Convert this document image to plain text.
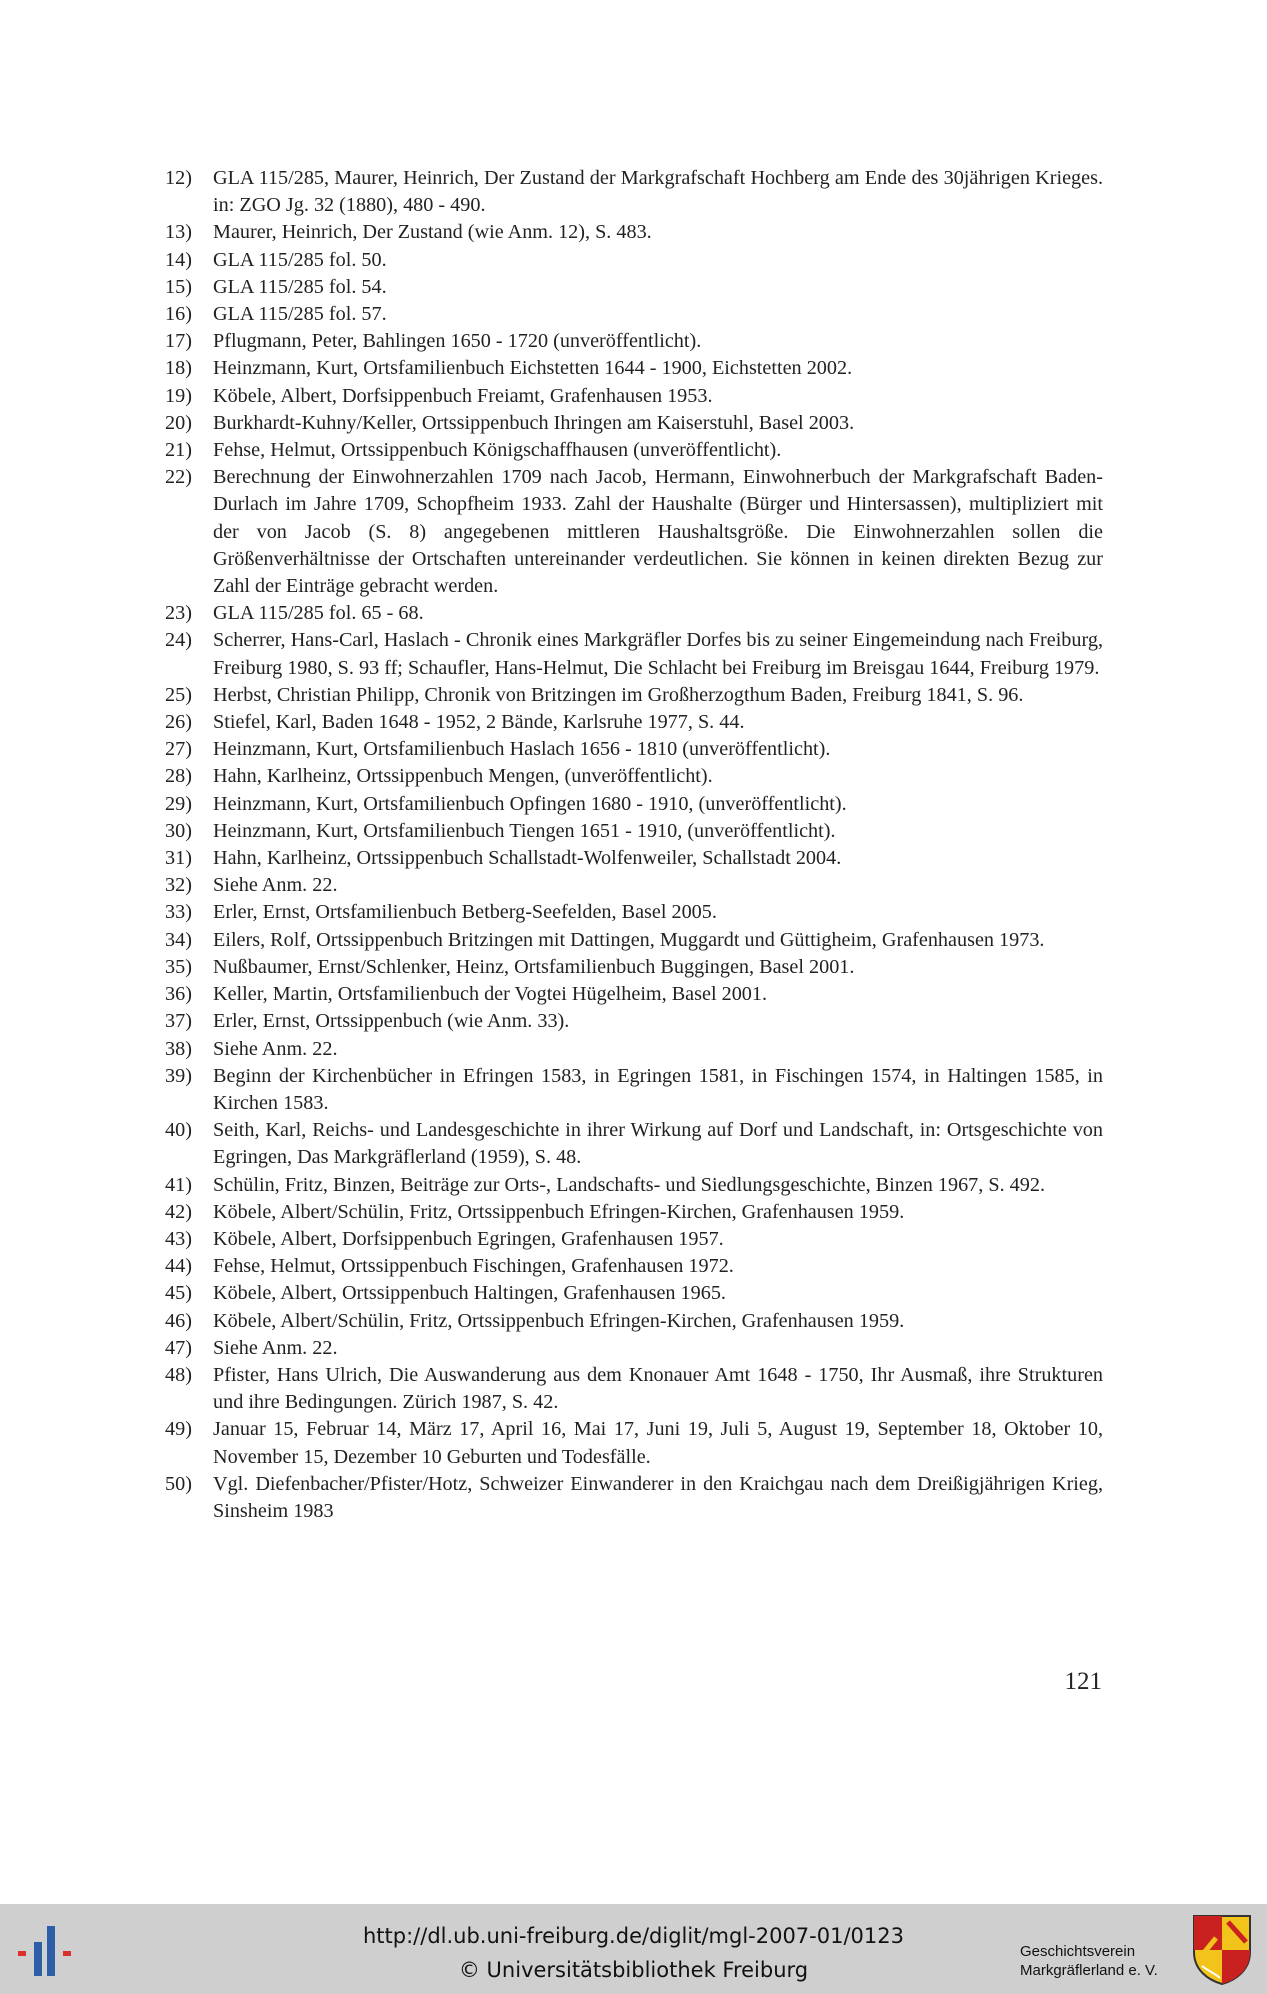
12)	GLA 115/285, Maurer, Heinrich, Der Zustand der Markgrafschaft Hochberg am Ende des 30jährigen Krieges. in: ZGO Jg. 32 (1880), 480 - 490.
13)	Maurer, Heinrich, Der Zustand (wie Anm. 12), S. 483.
14)	GLA 115/285 fol. 50.
15)	GLA 115/285 fol. 54.
16)	GLA 115/285 fol. 57.
17)	Pflugmann, Peter, Bahlingen 1650 - 1720 (unveröffentlicht).
18)	Heinzmann, Kurt, Ortsfamilienbuch Eichstetten 1644 - 1900, Eichstetten 2002.
19)	Köbele, Albert, Dorfsippenbuch Freiamt, Grafenhausen 1953.
20)	Burkhardt-Kuhny/Keller, Ortssippenbuch Ihringen am Kaiserstuhl, Basel 2003.
21)	Fehse, Helmut, Ortssippenbuch Königschaffhausen (unveröffentlicht).
22)	Berechnung der Einwohnerzahlen 1709 nach Jacob, Hermann, Einwohnerbuch der Markgrafschaft Baden-Durlach im Jahre 1709, Schopfheim 1933. Zahl der Haushalte (Bürger und Hintersassen), multipliziert mit der von Jacob (S. 8) angegebenen mittleren Haushaltsgröße. Die Einwohnerzahlen sollen die Größenverhältnisse der Ortschaften untereinander verdeutlichen. Sie können in keinen direkten Bezug zur Zahl der Einträge gebracht werden.
23)	GLA 115/285 fol. 65 - 68.
24)	Scherrer, Hans-Carl, Haslach - Chronik eines Markgräfler Dorfes bis zu seiner Eingemeindung nach Freiburg, Freiburg 1980, S. 93 ff; Schaufler, Hans-Helmut, Die Schlacht bei Freiburg im Breisgau 1644, Freiburg 1979.
25)	Herbst, Christian Philipp, Chronik von Britzingen im Großherzogthum Baden, Freiburg 1841, S. 96.
26)	Stiefel, Karl, Baden 1648 - 1952, 2 Bände, Karlsruhe 1977, S. 44.
27)	Heinzmann, Kurt, Ortsfamilienbuch Haslach 1656 - 1810 (unveröffentlicht).
28)	Hahn, Karlheinz, Ortssippenbuch Mengen, (unveröffentlicht).
29)	Heinzmann, Kurt, Ortsfamilienbuch Opfingen 1680 - 1910, (unveröffentlicht).
30)	Heinzmann, Kurt, Ortsfamilienbuch Tiengen 1651 - 1910, (unveröffentlicht).
31)	Hahn, Karlheinz, Ortssippenbuch Schallstadt-Wolfenweiler, Schallstadt 2004.
32)	Siehe Anm. 22.
33)	Erler, Ernst, Ortsfamilienbuch Betberg-Seefelden, Basel 2005.
34)	Eilers, Rolf, Ortssippenbuch Britzingen mit Dattingen, Muggardt und Güttigheim, Grafenhausen 1973.
35)	Nußbaumer, Ernst/Schlenker, Heinz, Ortsfamilienbuch Buggingen, Basel 2001.
36)	Keller, Martin, Ortsfamilienbuch der Vogtei Hügelheim, Basel 2001.
37)	Erler, Ernst, Ortssippenbuch (wie Anm. 33).
38)	Siehe Anm. 22.
39)	Beginn der Kirchenbücher in Efringen 1583, in Egringen 1581, in Fischingen 1574, in Haltingen 1585, in Kirchen 1583.
40)	Seith, Karl, Reichs- und Landesgeschichte in ihrer Wirkung auf Dorf und Landschaft, in: Ortsgeschichte von Egringen, Das Markgräflerland (1959), S. 48.
41)	Schülin, Fritz, Binzen, Beiträge zur Orts-, Landschafts- und Siedlungsgeschichte, Binzen 1967, S. 492.
42)	Köbele, Albert/Schülin, Fritz, Ortssippenbuch Efringen-Kirchen, Grafenhausen 1959.
43)	Köbele, Albert, Dorfsippenbuch Egringen, Grafenhausen 1957.
44)	Fehse, Helmut, Ortssippenbuch Fischingen, Grafenhausen 1972.
45)	Köbele, Albert, Ortssippenbuch Haltingen, Grafenhausen 1965.
46)	Köbele, Albert/Schülin, Fritz, Ortssippenbuch Efringen-Kirchen, Grafenhausen 1959.
47)	Siehe Anm. 22.
48)	Pfister, Hans Ulrich, Die Auswanderung aus dem Knonauer Amt 1648 - 1750, Ihr Ausmaß, ihre Strukturen und ihre Bedingungen. Zürich 1987, S. 42.
49)	Januar 15, Februar 14, März 17, April 16, Mai 17, Juni 19, Juli 5, August 19, September 18, Oktober 10, November 15, Dezember 10 Geburten und Todesfälle.
50)	Vgl. Diefenbacher/Pfister/Hotz, Schweizer Einwanderer in den Kraichgau nach dem Dreißigjährigen Krieg, Sinsheim 1983
121
http://dl.ub.uni-freiburg.de/diglit/mgl-2007-01/0123
© Universitätsbibliothek Freiburg
Geschichtsverein
Markgräflerland e. V.
